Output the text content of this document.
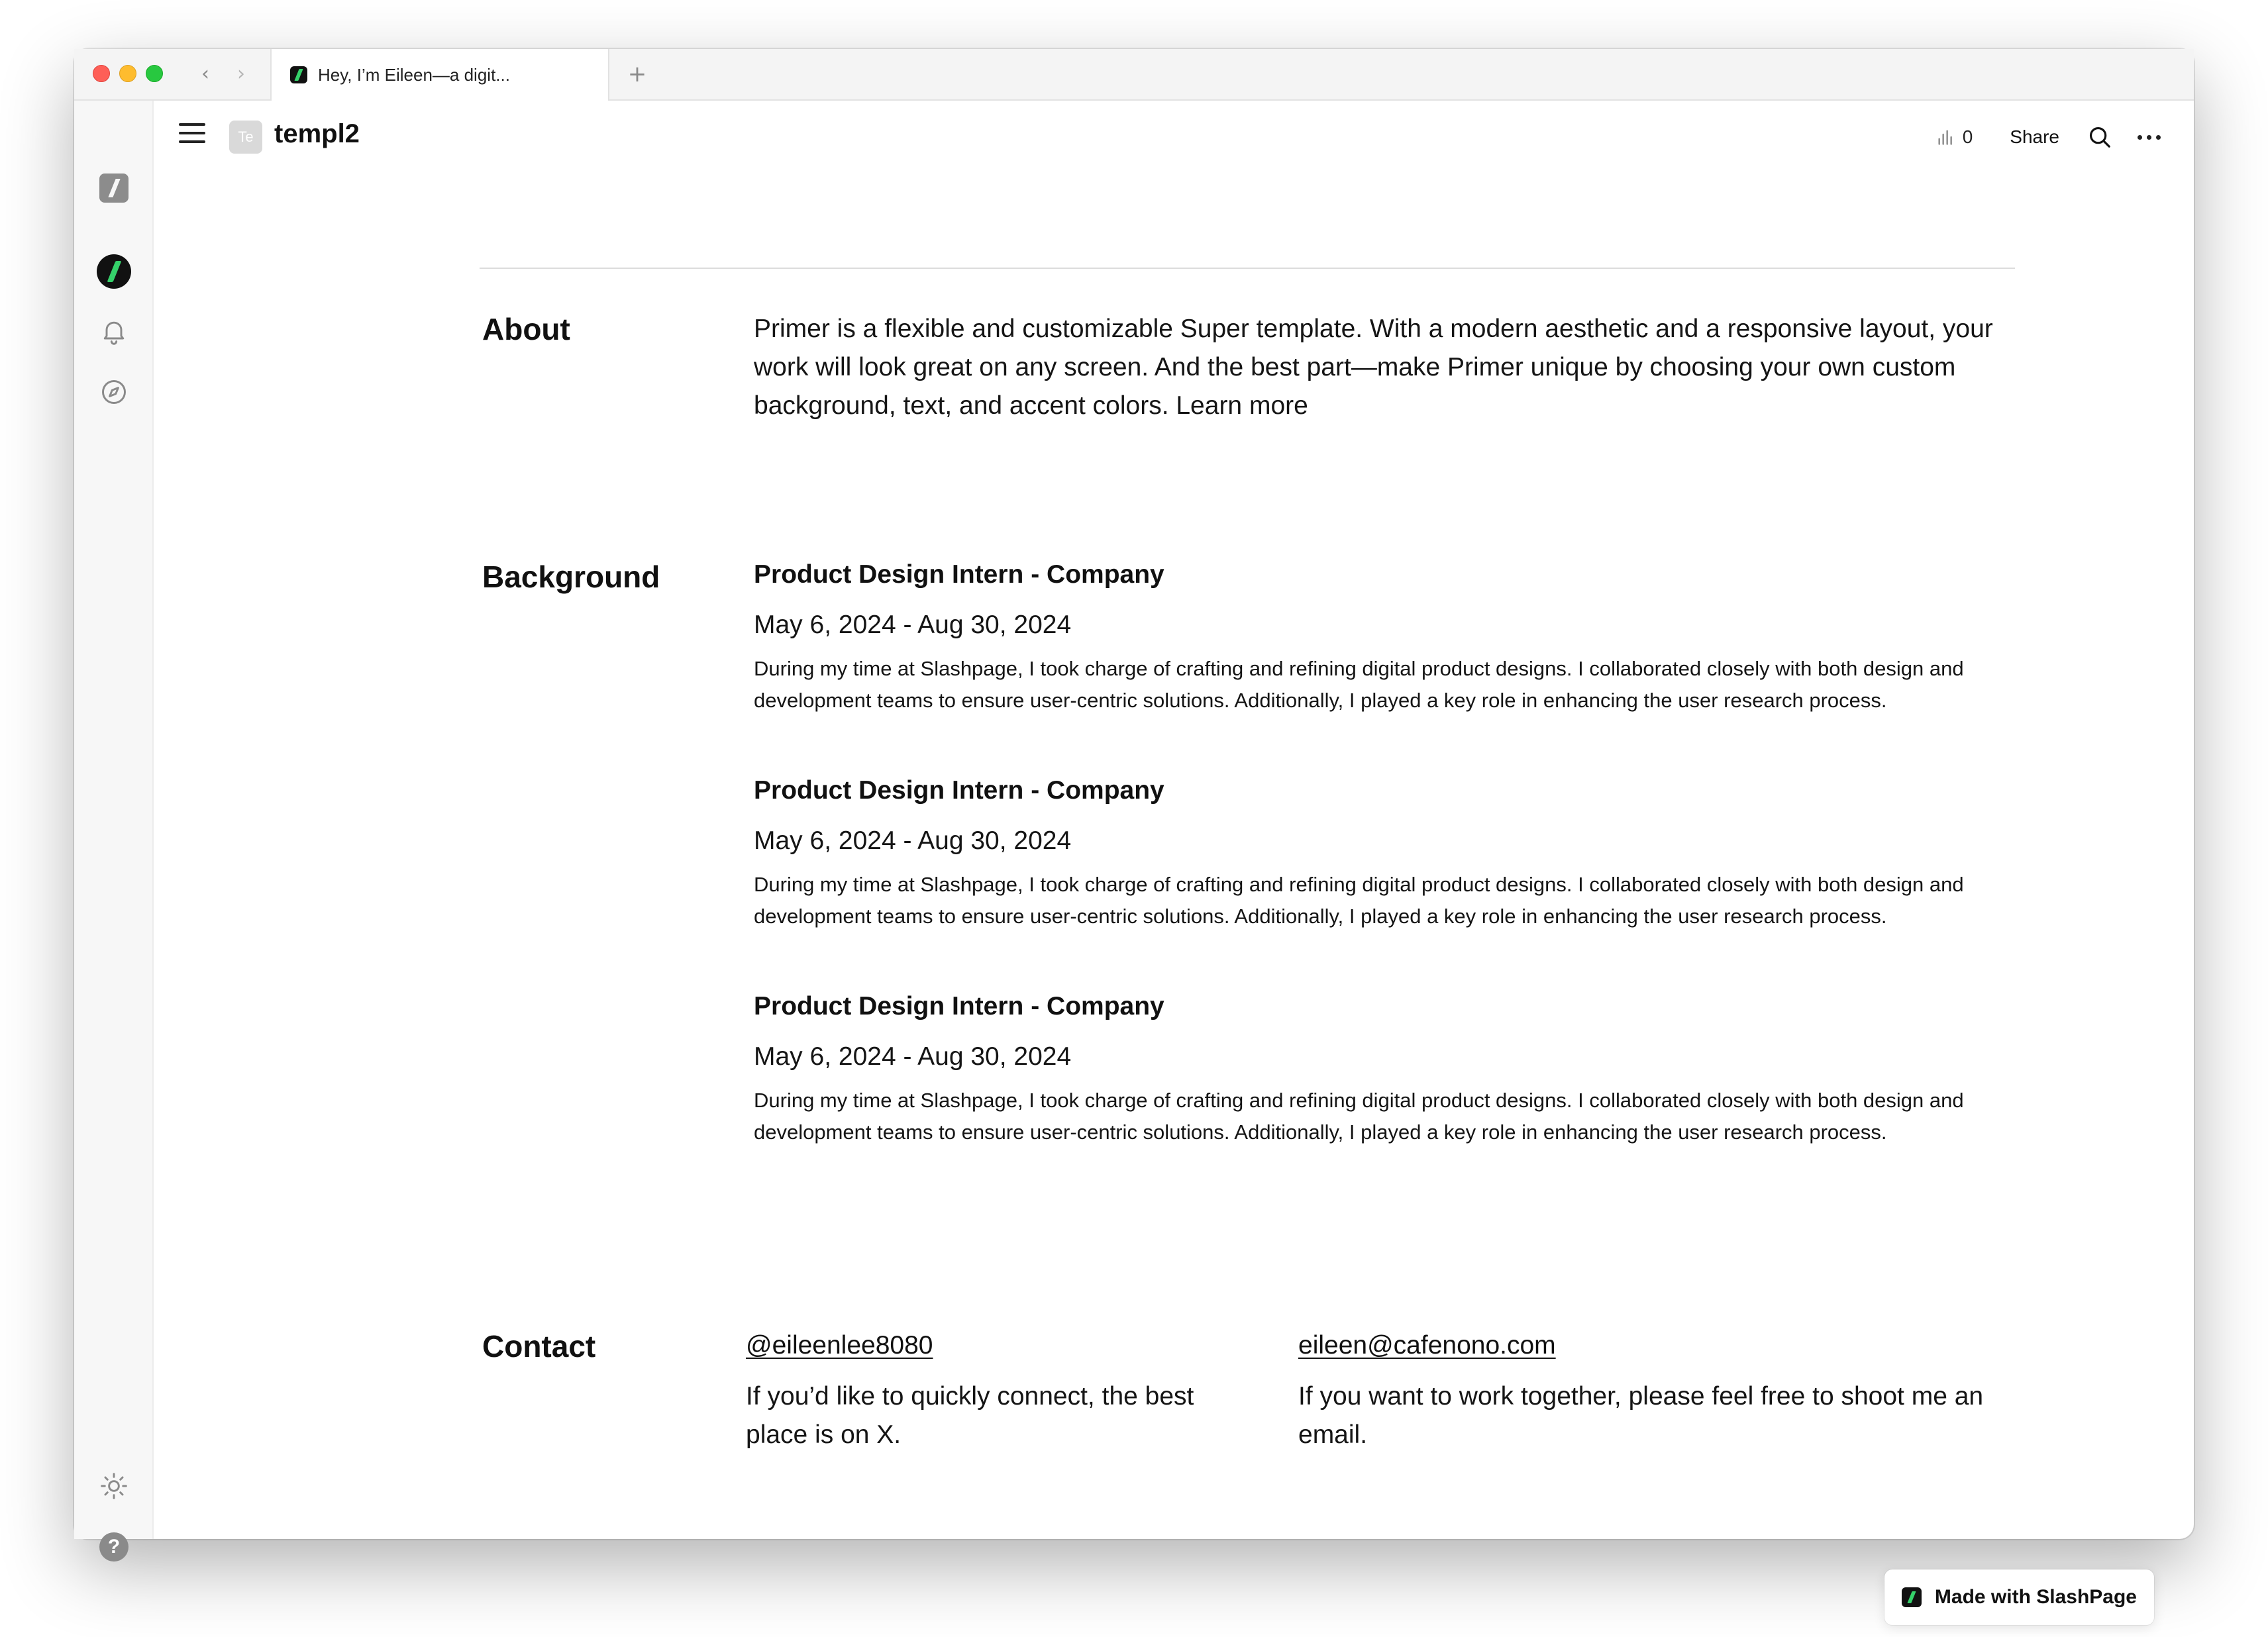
‹	›	Hey, I’m Eileen—a digit...	+
?
Te templ2	0 Share
About	Primer is a flexible and customizable Super template. With a modern aesthetic and a responsive layout, your work will look great on any screen. And the best part—make Primer unique by choosing your own custom background, text, and accent colors. Learn more
Background	Product Design Intern - Company
May 6, 2024 - Aug 30, 2024
During my time at Slashpage, I took charge of crafting and refining digital product designs. I collaborated closely with both design and development teams to ensure user-centric solutions. Additionally, I played a key role in enhancing the user research process.
Product Design Intern - Company
May 6, 2024 - Aug 30, 2024
During my time at Slashpage, I took charge of crafting and refining digital product designs. I collaborated closely with both design and development teams to ensure user-centric solutions. Additionally, I played a key role in enhancing the user research process.
Product Design Intern - Company
May 6, 2024 - Aug 30, 2024
During my time at Slashpage, I took charge of crafting and refining digital product designs. I collaborated closely with both design and development teams to ensure user-centric solutions. Additionally, I played a key role in enhancing the user research process.
Contact	@eileenlee8080
If you’d like to quickly connect, the best place is on X.
eileen@cafenono.com
If you want to work together, please feel free to shoot me an email.
Made with SlashPage
